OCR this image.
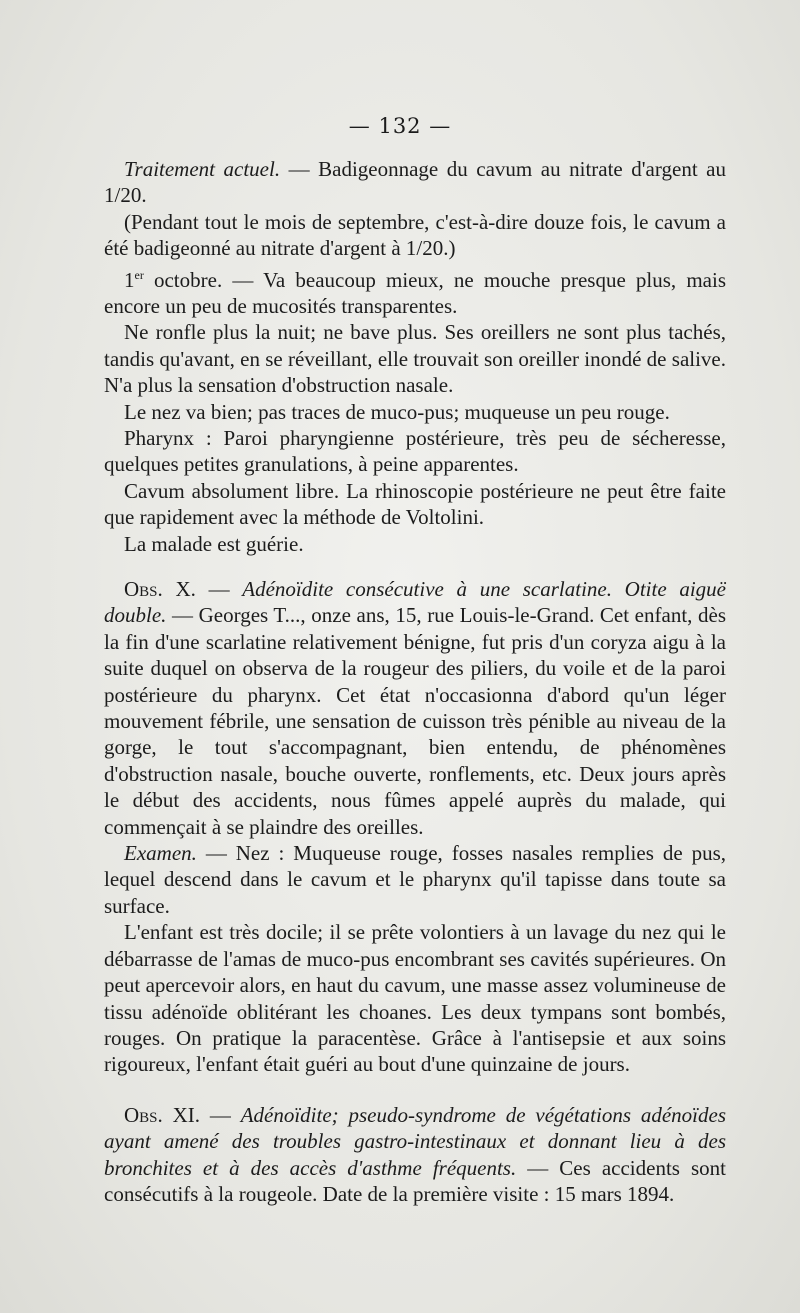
— 132 —

Traitement actuel. — Badigeonnage du cavum au nitrate d'argent au 1/20.

(Pendant tout le mois de septembre, c'est-à-dire douze fois, le cavum a été badigeonné au nitrate d'argent à 1/20.)

1er octobre. — Va beaucoup mieux, ne mouche presque plus, mais encore un peu de mucosités transparentes.

Ne ronfle plus la nuit; ne bave plus. Ses oreillers ne sont plus tachés, tandis qu'avant, en se réveillant, elle trouvait son oreiller inondé de salive. N'a plus la sensation d'obstruction nasale.

Le nez va bien; pas traces de muco-pus; muqueuse un peu rouge.

Pharynx : Paroi pharyngienne postérieure, très peu de sécheresse, quelques petites granulations, à peine apparentes.

Cavum absolument libre. La rhinoscopie postérieure ne peut être faite que rapidement avec la méthode de Voltolini.

La malade est guérie.

Obs. X. — Adénoïdite consécutive à une scarlatine. Otite aiguë double. — Georges T..., onze ans, 15, rue Louis-le-Grand. Cet enfant, dès la fin d'une scarlatine relativement bénigne, fut pris d'un coryza aigu à la suite duquel on observa de la rougeur des piliers, du voile et de la paroi postérieure du pharynx. Cet état n'occasionna d'abord qu'un léger mouvement fébrile, une sensation de cuisson très pénible au niveau de la gorge, le tout s'accompagnant, bien entendu, de phénomènes d'obstruction nasale, bouche ouverte, ronflements, etc. Deux jours après le début des accidents, nous fûmes appelé auprès du malade, qui commençait à se plaindre des oreilles.

Examen. — Nez : Muqueuse rouge, fosses nasales remplies de pus, lequel descend dans le cavum et le pharynx qu'il tapisse dans toute sa surface.

L'enfant est très docile; il se prête volontiers à un lavage du nez qui le débarrasse de l'amas de muco-pus encombrant ses cavités supérieures. On peut apercevoir alors, en haut du cavum, une masse assez volumineuse de tissu adénoïde oblitérant les choanes. Les deux tympans sont bombés, rouges. On pratique la paracentèse. Grâce à l'antisepsie et aux soins rigoureux, l'enfant était guéri au bout d'une quinzaine de jours.

Obs. XI. — Adénoïdite; pseudo-syndrome de végétations adénoïdes ayant amené des troubles gastro-intestinaux et donnant lieu à des bronchites et à des accès d'asthme fréquents. — Ces accidents sont consécutifs à la rougeole. Date de la première visite : 15 mars 1894.
